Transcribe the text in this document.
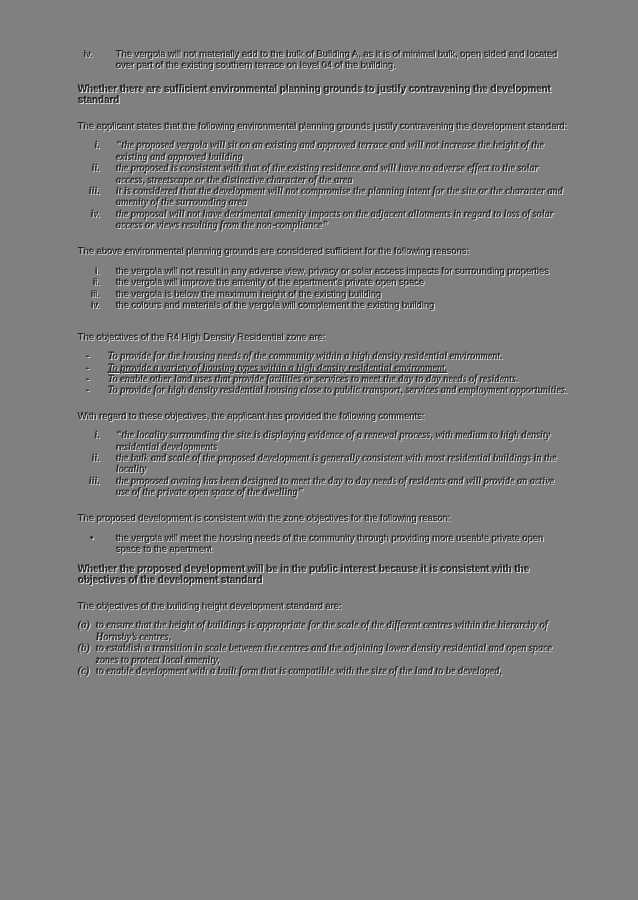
iv.	The vergola will not materially add to the bulk of Building A, as it is of minimal bulk, open sided and located over part of the existing southern terrace on level 04 of the building.

Whether there are sufficient environmental planning grounds to justify contravening the development standard

The applicant states that the following environmental planning grounds justify contravening the development standard:

i. “the proposed vergola will sit on an existing and approved terrace and will not increase the height of the existing and approved building
ii. the proposed is consistent with that of the existing residence and will have no adverse effect to the solar access, streetscape or the distinctive character of the area
iii. it is considered that the development will not compromise the planning intent for the site or the character and amenity of the surrounding area
iv. the proposal will not have detrimental amenity impacts on the adjacent allotments in regard to loss of solar access or views resulting from the non-compliance”

The above environmental planning grounds are considered sufficient for the following reasons:

i. the vergola will not result in any adverse view, privacy or solar access impacts for surrounding properties
ii. the vergola will improve the amenity of the apartment's private open space
iii. the vergola is below the maximum height of the existing building
iv. the colours and materials of the vergola will complement the existing building

The objectives of the R4 High Density Residential zone are:

-	To provide for the housing needs of the community within a high density residential environment.
-	To provide a variety of housing types within a high density residential environment.
-	To enable other land uses that provide facilities or services to meet the day to day needs of residents.
-	To provide for high density residential housing close to public transport, services and employment opportunities.

With regard to these objectives, the applicant has provided the following comments:

i. “the locality surrounding the site is displaying evidence of a renewal process, with medium to high density residential developments
ii. the bulk and scale of the proposed development is generally consistent with most residential buildings in the locality
iii. the proposed awning has been designed to meet the day to day needs of residents and will provide an active use of the private open space of the dwelling”

The proposed development is consistent with the zone objectives for the following reason:

•	the vergola will meet the housing needs of the community through providing more useable private open space to the apartment

Whether the proposed development will be in the public interest because it is consistent with the objectives of the development standard

The objectives of the building height development standard are:

(a) to ensure that the height of buildings is appropriate for the scale of the different centres within the hierarchy of Hornsby’s centres,
(b) to establish a transition in scale between the centres and the adjoining lower density residential and open space zones to protect local amenity,
(c) to enable development with a built form that is compatible with the size of the land to be developed,
